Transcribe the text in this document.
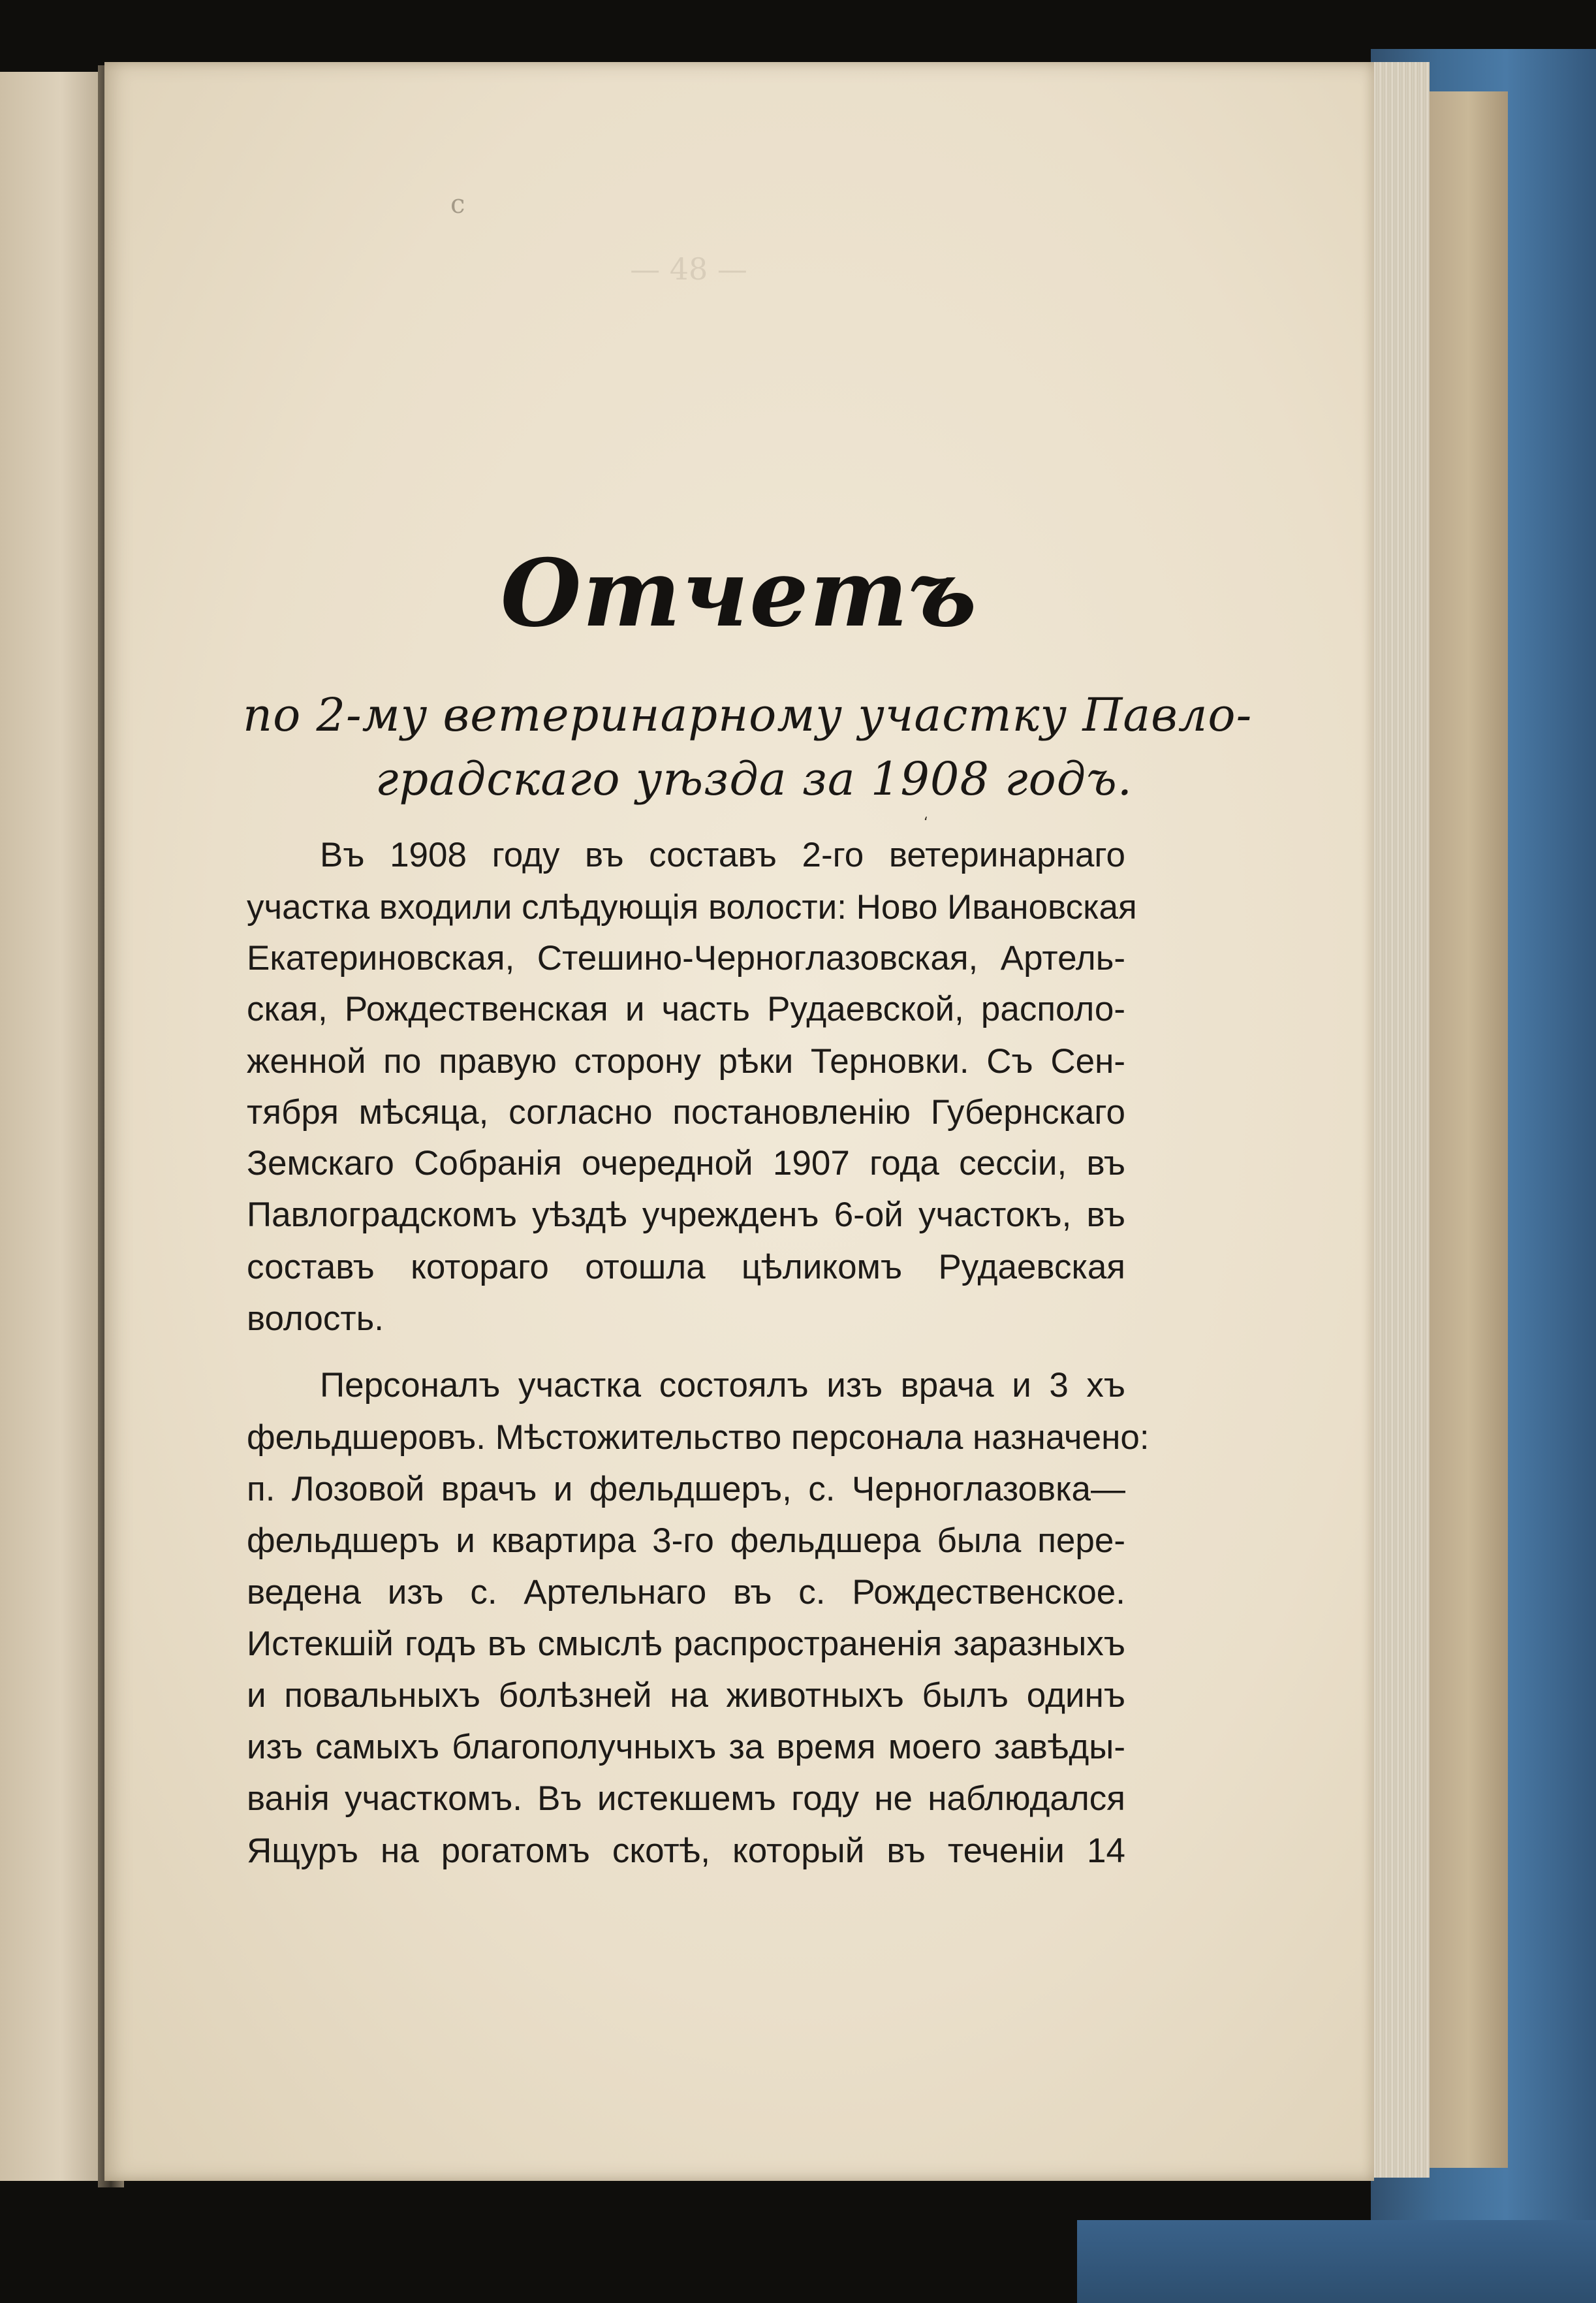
c
— 48 —
Отчетъ
по 2-му ветеринарному участку Павло-
градскаго уѣзда за 1908 годъ.
ʻ
Въ 1908 году въ составъ 2-го ветеринарнаго
участка входили слѣдующія волости: Ново Ивановская
Екатериновская, Стешино-Черноглазовская, Артель-
ская, Рождественская и часть Рудаевской, располо-
женной по правую сторону рѣки Терновки. Съ Сен-
тября мѣсяца, согласно постановленію Губернскаго
Земскаго Собранія очередной 1907 года сессіи, въ
Павлоградскомъ уѣздѣ учрежденъ 6-ой участокъ, въ
составъ котораго отошла цѣликомъ Рудаевская
волость.
Персоналъ участка состоялъ изъ врача и 3 хъ
фельдшеровъ. Мѣстожительство персонала назначено:
п. Лозовой врачъ и фельдшеръ, с. Черноглазовка—
фельдшеръ и квартира 3-го фельдшера была пере-
ведена изъ с. Артельнаго въ с. Рождественское.
Истекшій годъ въ смыслѣ распространенія заразныхъ
и повальныхъ болѣзней на животныхъ былъ одинъ
изъ самыхъ благополучныхъ за время моего завѣды-
ванія участкомъ. Въ истекшемъ году не наблюдался
Ящуръ на рогатомъ скотѣ, который въ теченіи 14
